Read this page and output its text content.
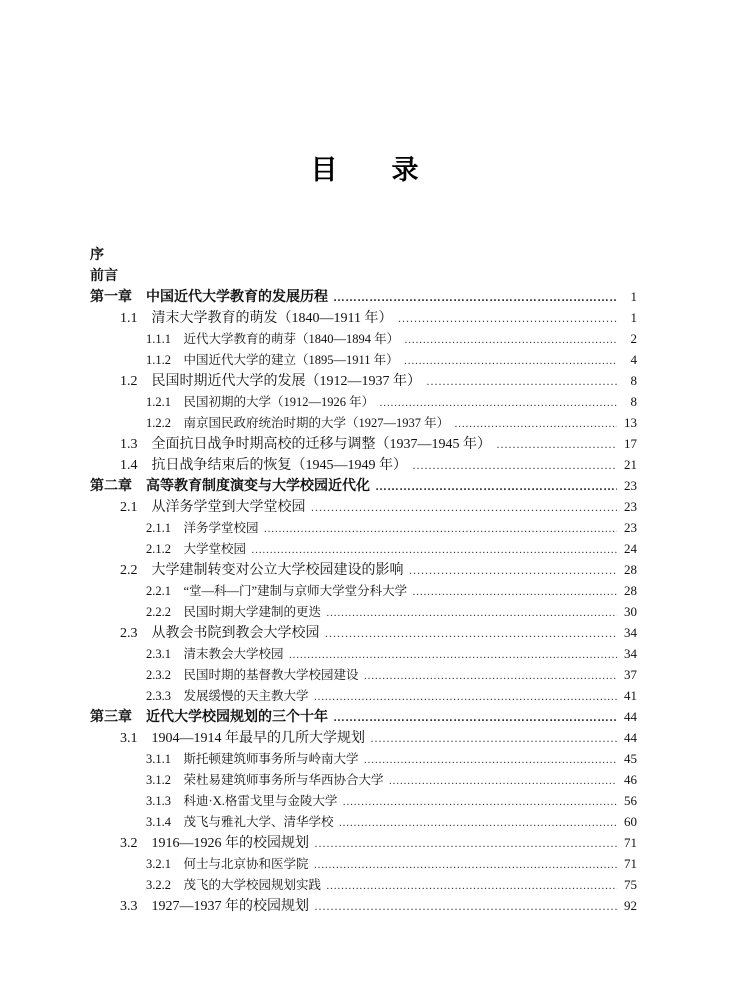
目　　录
序
前言
第一章　中国近代大学教育的发展历程 ……………………………………………………………………………………………………………………………………………………	1
1.1　清末大学教育的萌发（1840—1911 年） ……………………………………………………………………………………………………………………………………………………	1
1.1.1　近代大学教育的萌芽（1840—1894 年） ……………………………………………………………………………………………………………………………………………………	2
1.1.2　中国近代大学的建立（1895—1911 年） ……………………………………………………………………………………………………………………………………………………	4
1.2　民国时期近代大学的发展（1912—1937 年） ……………………………………………………………………………………………………………………………………………………	8
1.2.1　民国初期的大学（1912—1926 年） ……………………………………………………………………………………………………………………………………………………	8
1.2.2　南京国民政府统治时期的大学（1927—1937 年） ……………………………………………………………………………………………………………………………………………………	13
1.3　全面抗日战争时期高校的迁移与调整（1937—1945 年） ……………………………………………………………………………………………………………………………………………………	17
1.4　抗日战争结束后的恢复（1945—1949 年） ……………………………………………………………………………………………………………………………………………………	21
第二章　高等教育制度演变与大学校园近代化 ……………………………………………………………………………………………………………………………………………………	23
2.1　从洋务学堂到大学堂校园 ……………………………………………………………………………………………………………………………………………………	23
2.1.1　洋务学堂校园 ……………………………………………………………………………………………………………………………………………………	23
2.1.2　大学堂校园 ……………………………………………………………………………………………………………………………………………………	24
2.2　大学建制转变对公立大学校园建设的影响 ……………………………………………………………………………………………………………………………………………………	28
2.2.1　“堂—科—门”建制与京师大学堂分科大学 ……………………………………………………………………………………………………………………………………………………	28
2.2.2　民国时期大学建制的更迭 ……………………………………………………………………………………………………………………………………………………	30
2.3　从教会书院到教会大学校园 ……………………………………………………………………………………………………………………………………………………	34
2.3.1　清末教会大学校园 ……………………………………………………………………………………………………………………………………………………	34
2.3.2　民国时期的基督教大学校园建设 ……………………………………………………………………………………………………………………………………………………	37
2.3.3　发展缓慢的天主教大学 ……………………………………………………………………………………………………………………………………………………	41
第三章　近代大学校园规划的三个十年 ……………………………………………………………………………………………………………………………………………………	44
3.1　1904—1914 年最早的几所大学规划 ……………………………………………………………………………………………………………………………………………………	44
3.1.1　斯托顿建筑师事务所与岭南大学 ……………………………………………………………………………………………………………………………………………………	45
3.1.2　荣杜易建筑师事务所与华西协合大学 ……………………………………………………………………………………………………………………………………………………	46
3.1.3　科迪·X.格雷戈里与金陵大学 ……………………………………………………………………………………………………………………………………………………	56
3.1.4　茂飞与雅礼大学、清华学校 ……………………………………………………………………………………………………………………………………………………	60
3.2　1916—1926 年的校园规划 ……………………………………………………………………………………………………………………………………………………	71
3.2.1　何士与北京协和医学院 ……………………………………………………………………………………………………………………………………………………	71
3.2.2　茂飞的大学校园规划实践 ……………………………………………………………………………………………………………………………………………………	75
3.3　1927—1937 年的校园规划 ……………………………………………………………………………………………………………………………………………………	92
